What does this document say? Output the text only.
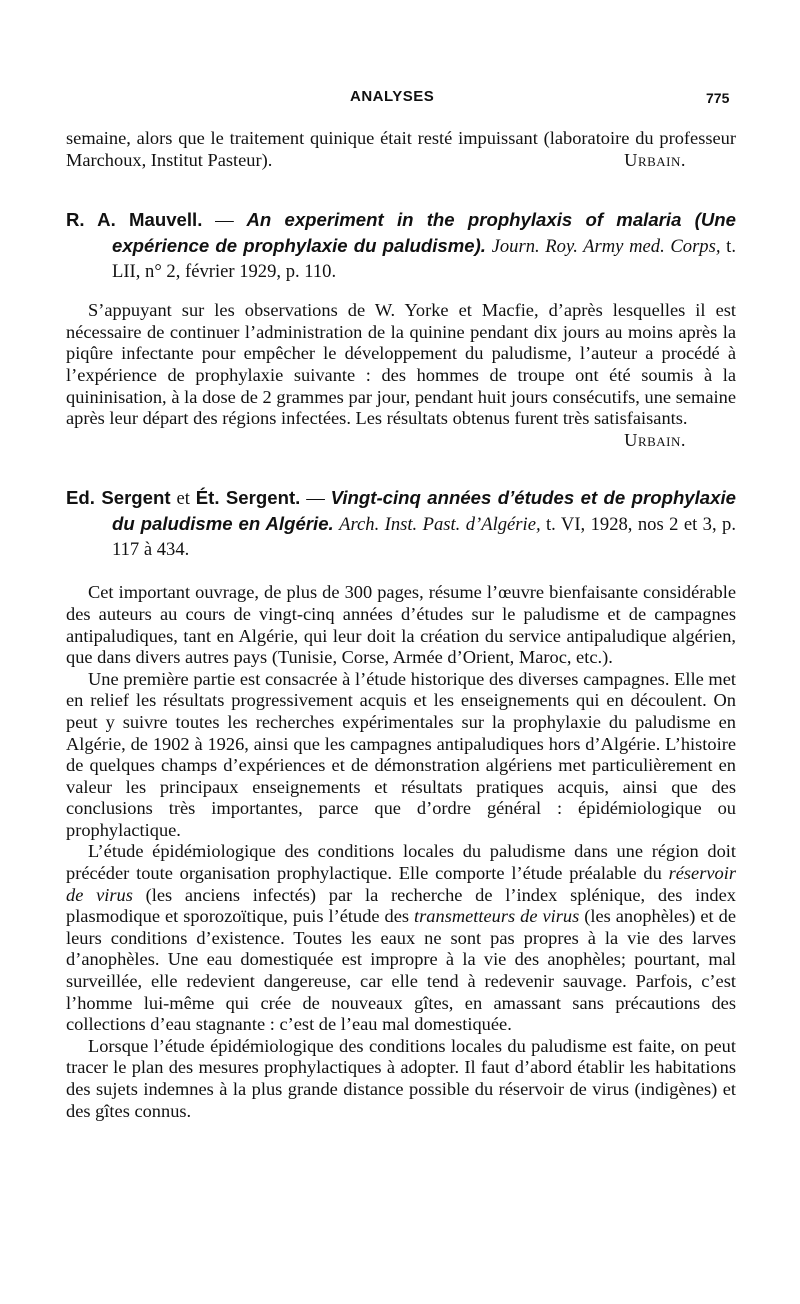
ANALYSES	775

semaine, alors que le traitement quinique était resté impuissant (laboratoire du professeur Marchoux, Institut Pasteur).	Urbain.

R. A. Mauvell. — An experiment in the prophylaxis of malaria (Une expérience de prophylaxie du paludisme). Journ. Roy. Army med. Corps, t. LII, n° 2, février 1929, p. 110.

S’appuyant sur les observations de W. Yorke et Macfie, d’après lesquelles il est nécessaire de continuer l’administration de la quinine pendant dix jours au moins après la piqûre infectante pour empêcher le développement du paludisme, l’auteur a procédé à l’expérience de prophylaxie suivante : des hommes de troupe ont été soumis à la quininisation, à la dose de 2 grammes par jour, pendant huit jours consécutifs, une semaine après leur départ des régions infectées. Les résultats obtenus furent très satisfaisants.
Urbain.

Ed. Sergent et Ét. Sergent. — Vingt-cinq années d’études et de prophylaxie du paludisme en Algérie. Arch. Inst. Past. d’Algérie, t. VI, 1928, nos 2 et 3, p. 117 à 434.

Cet important ouvrage, de plus de 300 pages, résume l’œuvre bienfaisante considérable des auteurs au cours de vingt-cinq années d’études sur le paludisme et de campagnes antipaludiques, tant en Algérie, qui leur doit la création du service antipaludique algérien, que dans divers autres pays (Tunisie, Corse, Armée d’Orient, Maroc, etc.).

Une première partie est consacrée à l’étude historique des diverses campagnes. Elle met en relief les résultats progressivement acquis et les enseignements qui en découlent. On peut y suivre toutes les recherches expérimentales sur la prophylaxie du paludisme en Algérie, de 1902 à 1926, ainsi que les campagnes antipaludiques hors d’Algérie. L’histoire de quelques champs d’expériences et de démonstration algériens met particulièrement en valeur les principaux enseignements et résultats pratiques acquis, ainsi que des conclusions très importantes, parce que d’ordre général : épidémiologique ou prophylactique.

L’étude épidémiologique des conditions locales du paludisme dans une région doit précéder toute organisation prophylactique. Elle comporte l’étude préalable du réservoir de virus (les anciens infectés) par la recherche de l’index splénique, des index plasmodique et sporozoïtique, puis l’étude des transmetteurs de virus (les anophèles) et de leurs conditions d’existence. Toutes les eaux ne sont pas propres à la vie des larves d’anophèles. Une eau domestiquée est impropre à la vie des anophèles; pourtant, mal surveillée, elle redevient dangereuse, car elle tend à redevenir sauvage. Parfois, c’est l’homme lui-même qui crée de nouveaux gîtes, en amassant sans précautions des collections d’eau stagnante : c’est de l’eau mal domestiquée.

Lorsque l’étude épidémiologique des conditions locales du paludisme est faite, on peut tracer le plan des mesures prophylactiques à adopter. Il faut d’abord établir les habitations des sujets indemnes à la plus grande distance possible du réservoir de virus (indigènes) et des gîtes connus.
